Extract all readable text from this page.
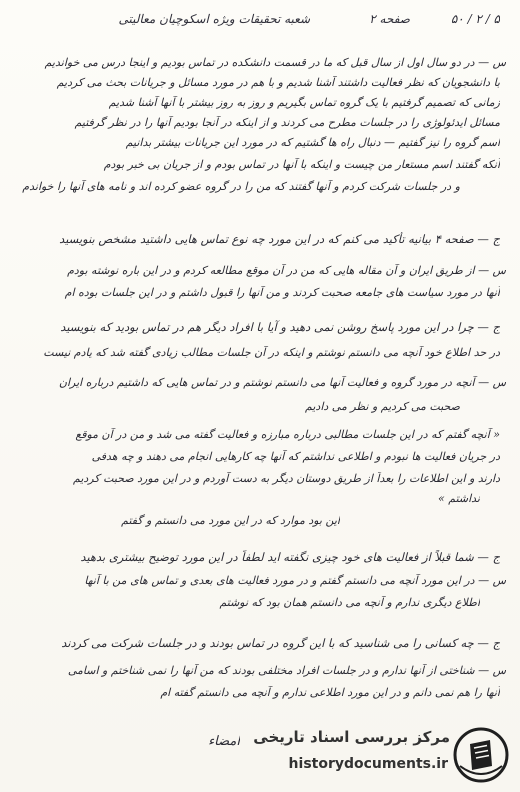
۵ / ۲ / ۵۰
صفحه ۲
شعبه تحقیقات ویژه اسکوچیان معالیتی
س — در دو سال اول از سال قبل که ما در قسمت دانشکده در تماس بودیم و اینجا درس می خواندیم
با دانشجویان که نظر فعالیت داشتند آشنا شدیم و با هم در مورد مسائل و جریانات بحث می کردیم
زمانی که تصمیم گرفتیم با یک گروه تماس بگیریم و روز به روز بیشتر با آنها آشنا شدیم
مسائل ایدئولوژی را در جلسات مطرح می کردند و از اینکه در آنجا بودیم آنها را در نظر گرفتیم
اسم گروه را نیز گفتیم — دنبال راه ها گشتیم که در مورد این جریانات بیشتر بدانیم
آنکه گفتند اسم مستعار من چیست و اینکه با آنها در تماس بودم و از جریان بی خبر بودم
و در جلسات شرکت کردم و آنها گفتند که من را در گروه عضو کرده اند و نامه های آنها را خواندم
ج — صفحه ۴ بیانیه تأکید می کنم که در این مورد چه نوع تماس هایی داشتید مشخص بنویسید
س — از طریق ایران و آن مقاله هایی که من در آن موقع مطالعه کردم و در این باره نوشته بودم
آنها در مورد سیاست های جامعه صحبت کردند و من آنها را قبول داشتم و در این جلسات بوده ام
ج — چرا در این مورد پاسخ روشن نمی دهید و آیا با افراد دیگر هم در تماس بودید که بنویسید
در حد اطلاع خود آنچه می دانستم نوشتم و اینکه در آن جلسات مطالب زیادی گفته شد که یادم نیست
س — آنچه در مورد گروه و فعالیت آنها می دانستم نوشتم و در تماس هایی که داشتیم درباره ایران
صحبت می کردیم و نظر می دادیم
« آنچه گفتم که در این جلسات مطالبی درباره مبارزه و فعالیت گفته می شد و من در آن موقع
در جریان فعالیت ها نبودم و اطلاعی نداشتم که آنها چه کارهایی انجام می دهند و چه هدفی
دارند و این اطلاعات را بعداً از طریق دوستان دیگر به دست آوردم و در این مورد صحبت کردیم
نداشتم »
این بود موارد که در این مورد می دانستم و گفتم
ج — شما قبلاً از فعالیت های خود چیزی نگفته اید لطفاً در این مورد توضیح بیشتری بدهید
س — در این مورد آنچه می دانستم گفتم و در مورد فعالیت های بعدی و تماس های من با آنها
اطلاع دیگری ندارم و آنچه می دانستم همان بود که نوشتم
ج — چه کسانی را می شناسید که با این گروه در تماس بودند و در جلسات شرکت می کردند
س — شناختی از آنها ندارم و در جلسات افراد مختلفی بودند که من آنها را نمی شناختم و اسامی
آنها را هم نمی دانم و در این مورد اطلاعی ندارم و آنچه می دانستم گفته ام
امضاء مرکز بررسی اسناد تاریخی
historydocuments.ir
